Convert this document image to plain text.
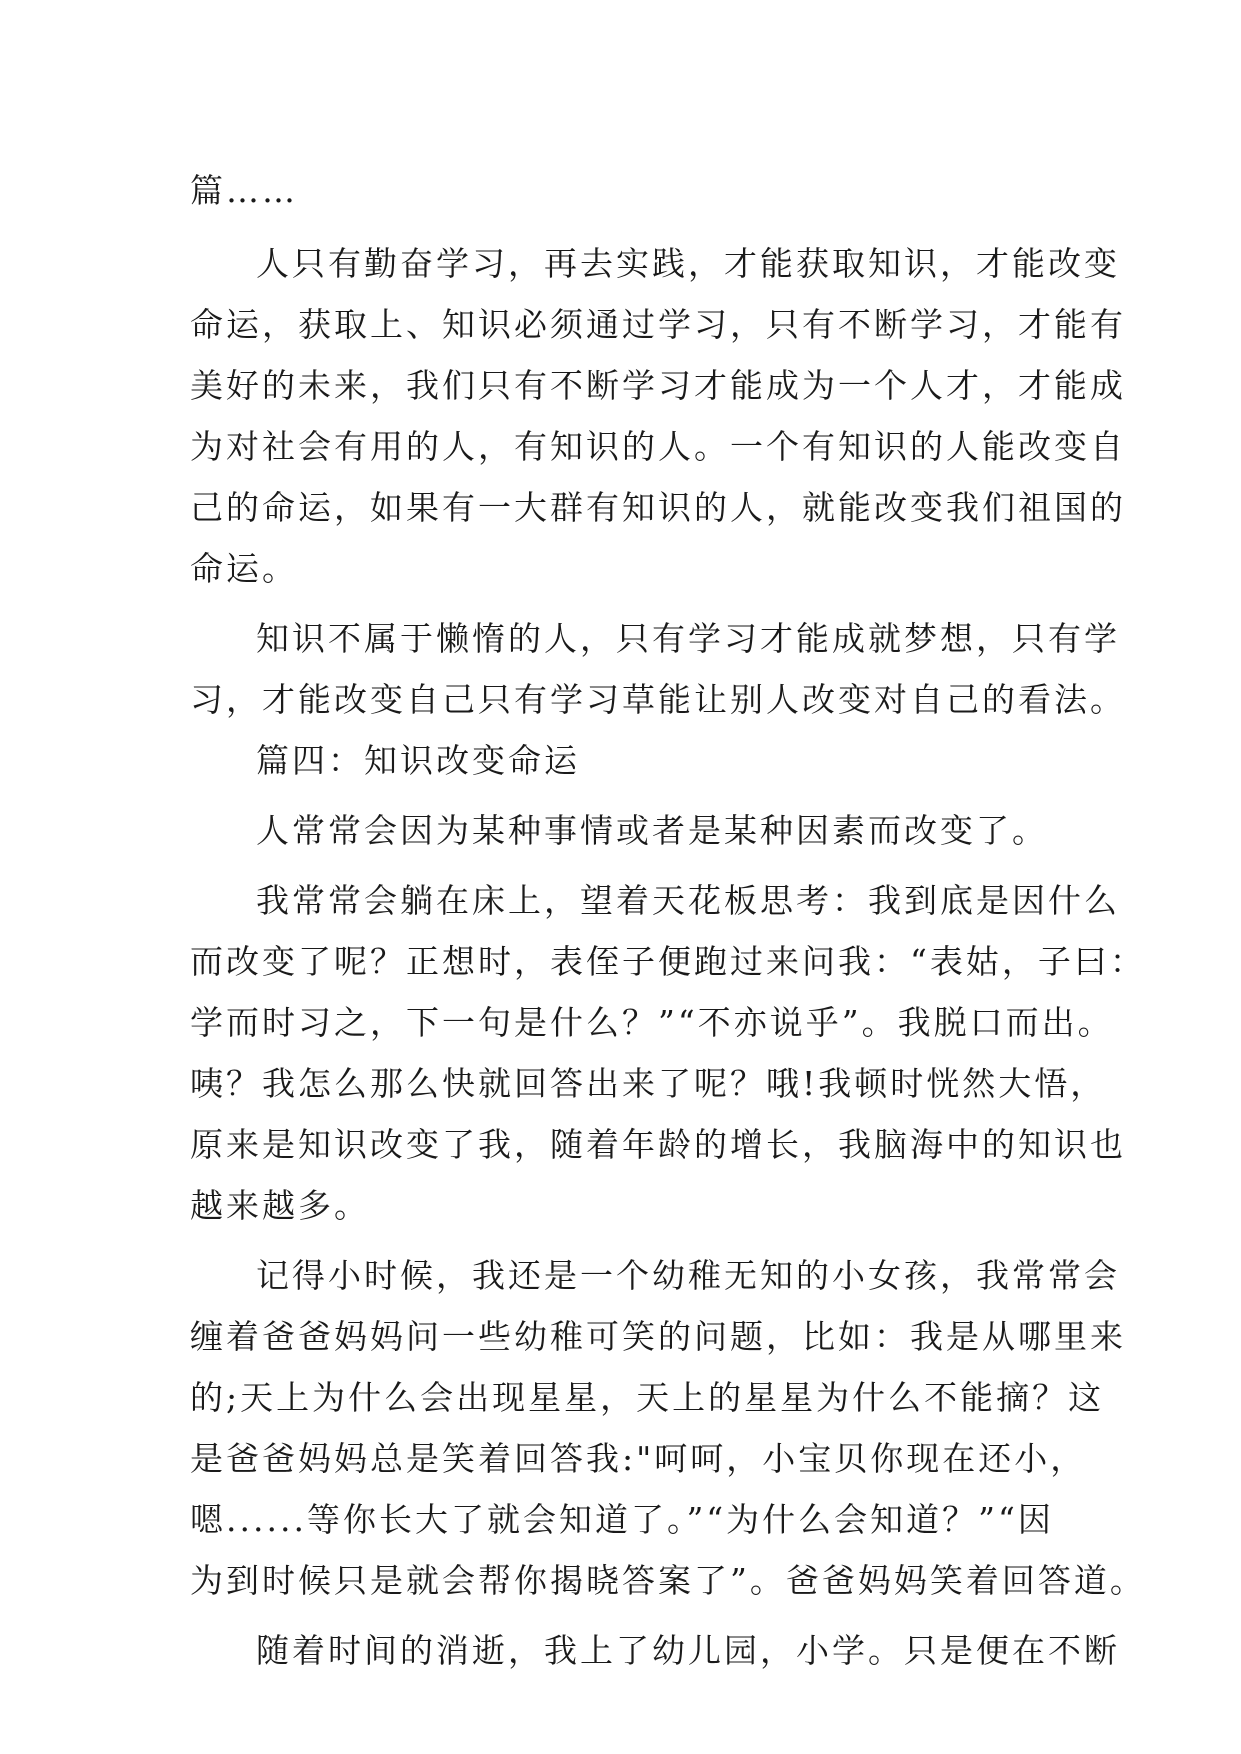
篇……
人只有勤奋学习，再去实践，才能获取知识，才能改变
命运，获取上、知识必须通过学习，只有不断学习，才能有
美好的未来，我们只有不断学习才能成为一个人才，才能成
为对社会有用的人，有知识的人。一个有知识的人能改变自
己的命运，如果有一大群有知识的人，就能改变我们祖国的
命运。
知识不属于懒惰的人，只有学习才能成就梦想，只有学
习，才能改变自己只有学习草能让别人改变对自己的看法。
篇四：知识改变命运
人常常会因为某种事情或者是某种因素而改变了。
我常常会躺在床上，望着天花板思考：我到底是因什么
而改变了呢？正想时，表侄子便跑过来问我：“表姑，子曰：
学而时习之，下一句是什么？”“不亦说乎”。我脱口而出。
咦？我怎么那么快就回答出来了呢？哦!我顿时恍然大悟，
原来是知识改变了我，随着年龄的增长，我脑海中的知识也
越来越多。
记得小时候，我还是一个幼稚无知的小女孩，我常常会
缠着爸爸妈妈问一些幼稚可笑的问题，比如：我是从哪里来
的;天上为什么会出现星星，天上的星星为什么不能摘？这
是爸爸妈妈总是笑着回答我:"呵呵，小宝贝你现在还小，
嗯......等你长大了就会知道了。”“为什么会知道？”“因
为到时候只是就会帮你揭晓答案了”。爸爸妈妈笑着回答道。
随着时间的消逝，我上了幼儿园，小学。只是便在不断
